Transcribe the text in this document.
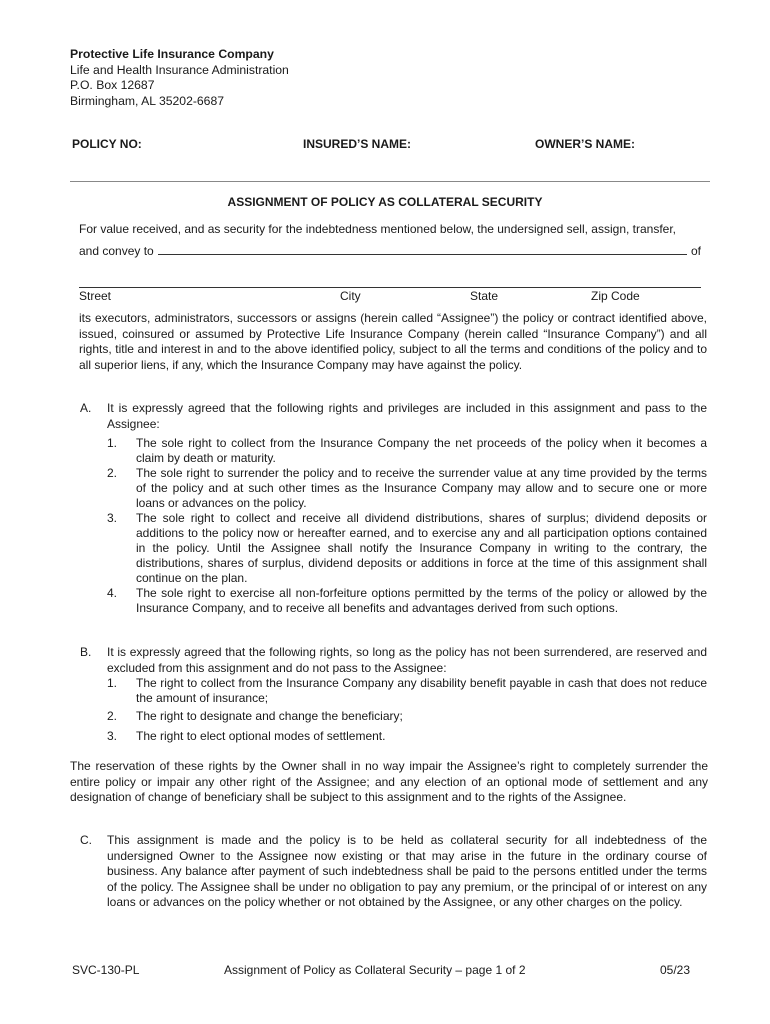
Protective Life Insurance Company
Life and Health Insurance Administration
P.O. Box 12687
Birmingham, AL 35202-6687
POLICY NO:	INSURED’S NAME:	OWNER’S NAME:
ASSIGNMENT OF POLICY AS COLLATERAL SECURITY
For value received, and as security for the indebtedness mentioned below, the undersigned sell, assign, transfer,
and convey to	of
Street	City	State	Zip Code
its executors, administrators, successors or assigns (herein called “Assignee”) the policy or contract identified above, issued, coinsured or assumed by Protective Life Insurance Company (herein called “Insurance Company”) and all rights, title and interest in and to the above identified policy, subject to all the terms and conditions of the policy and to all superior liens, if any, which the Insurance Company may have against the policy.
A. It is expressly agreed that the following rights and privileges are included in this assignment and pass to the Assignee:
1. The sole right to collect from the Insurance Company the net proceeds of the policy when it becomes a claim by death or maturity.
2. The sole right to surrender the policy and to receive the surrender value at any time provided by the terms of the policy and at such other times as the Insurance Company may allow and to secure one or more loans or advances on the policy.
3. The sole right to collect and receive all dividend distributions, shares of surplus; dividend deposits or additions to the policy now or hereafter earned, and to exercise any and all participation options contained in the policy. Until the Assignee shall notify the Insurance Company in writing to the contrary, the distributions, shares of surplus, dividend deposits or additions in force at the time of this assignment shall continue on the plan.
4. The sole right to exercise all non-forfeiture options permitted by the terms of the policy or allowed by the Insurance Company, and to receive all benefits and advantages derived from such options.
B. It is expressly agreed that the following rights, so long as the policy has not been surrendered, are reserved and excluded from this assignment and do not pass to the Assignee:
1. The right to collect from the Insurance Company any disability benefit payable in cash that does not reduce the amount of insurance;
2. The right to designate and change the beneficiary;
3. The right to elect optional modes of settlement.
The reservation of these rights by the Owner shall in no way impair the Assignee’s right to completely surrender the entire policy or impair any other right of the Assignee; and any election of an optional mode of settlement and any designation of change of beneficiary shall be subject to this assignment and to the rights of the Assignee.
C. This assignment is made and the policy is to be held as collateral security for all indebtedness of the undersigned Owner to the Assignee now existing or that may arise in the future in the ordinary course of business. Any balance after payment of such indebtedness shall be paid to the persons entitled under the terms of the policy. The Assignee shall be under no obligation to pay any premium, or the principal of or interest on any loans or advances on the policy whether or not obtained by the Assignee, or any other charges on the policy.
SVC-130-PL	Assignment of Policy as Collateral Security – page 1 of 2	05/23
